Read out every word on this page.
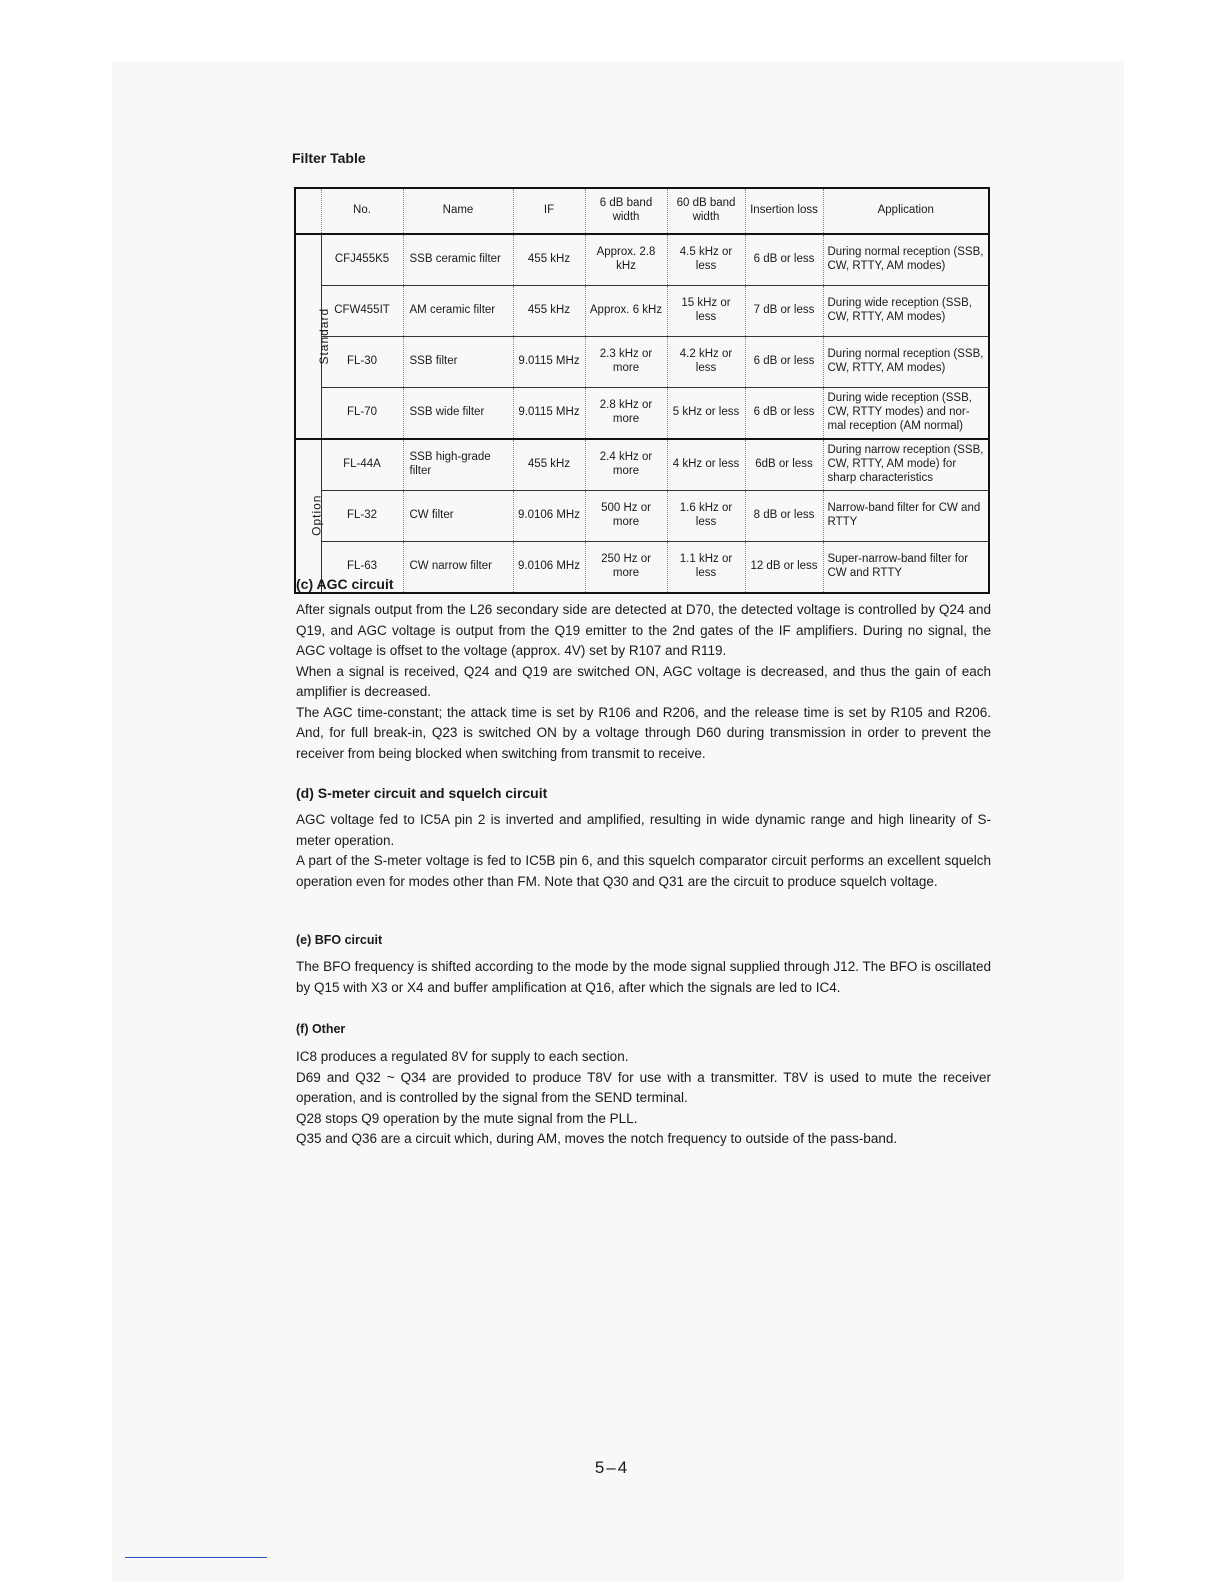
Filter Table
	No.	Name	IF	6 dB band width	60 dB band width	Insertion loss	Application
Standard	CFJ455K5	SSB ceramic filter	455 kHz	Approx. 2.8 kHz	4.5 kHz or less	6 dB or less	During normal reception (SSB, CW, RTTY, AM modes)
	CFW455IT	AM ceramic filter	455 kHz	Approx. 6 kHz	15 kHz or less	7 dB or less	During wide reception (SSB, CW, RTTY, AM modes)
	FL-30	SSB filter	9.0115 MHz	2.3 kHz or more	4.2 kHz or less	6 dB or less	During normal reception (SSB, CW, RTTY, AM modes)
	FL-70	SSB wide filter	9.0115 MHz	2.8 kHz or more	5 kHz or less	6 dB or less	During wide reception (SSB, CW, RTTY modes) and nor-mal reception (AM normal)
Option	FL-44A	SSB high-grade filter	455 kHz	2.4 kHz or more	4 kHz or less	6dB or less	During narrow reception (SSB, CW, RTTY, AM mode) for sharp characteristics
	FL-32	CW filter	9.0106 MHz	500 Hz or more	1.6 kHz or less	8 dB or less	Narrow-band filter for CW and RTTY
	FL-63	CW narrow filter	9.0106 MHz	250 Hz or more	1.1 kHz or less	12 dB or less	Super-narrow-band filter for CW and RTTY
(c) AGC circuit

After signals output from the L26 secondary side are detected at D70, the detected voltage is controlled by Q24 and Q19, and AGC voltage is output from the Q19 emitter to the 2nd gates of the IF amplifiers. During no signal, the AGC voltage is offset to the voltage (approx. 4V) set by R107 and R119.

When a signal is received, Q24 and Q19 are switched ON, AGC voltage is decreased, and thus the gain of each amplifier is decreased.

The AGC time-constant; the attack time is set by R106 and R206, and the release time is set by R105 and R206. And, for full break-in, Q23 is switched ON by a voltage through D60 during transmission in order to prevent the receiver from being blocked when switching from transmit to receive.

(d) S-meter circuit and squelch circuit

AGC voltage fed to IC5A pin 2 is inverted and amplified, resulting in wide dynamic range and high linearity of S-meter operation.

A part of the S-meter voltage is fed to IC5B pin 6, and this squelch comparator circuit performs an excellent squelch operation even for modes other than FM. Note that Q30 and Q31 are the circuit to produce squelch voltage.

(e) BFO circuit

The BFO frequency is shifted according to the mode by the mode signal supplied through J12. The BFO is oscillated by Q15 with X3 or X4 and buffer amplification at Q16, after which the signals are led to IC4.

(f) Other

IC8 produces a regulated 8V for supply to each section.

D69 and Q32 ~ Q34 are provided to produce T8V for use with a transmitter. T8V is used to mute the receiver operation, and is controlled by the signal from the SEND terminal.

Q28 stops Q9 operation by the mute signal from the PLL.

Q35 and Q36 are a circuit which, during AM, moves the notch frequency to outside of the pass-band.

5–4
